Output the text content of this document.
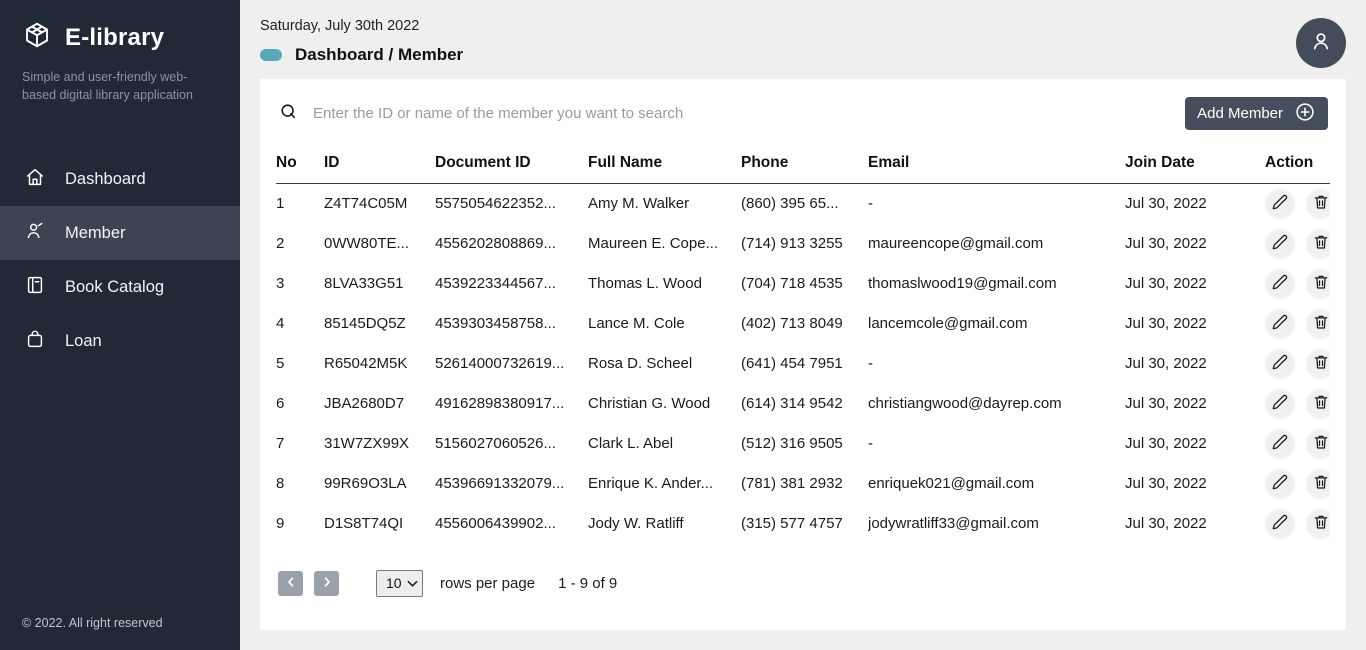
E-library
Simple and user-friendly web-based digital library application
Dashboard
Member
Book Catalog
Loan
© 2022. All right reserved
Saturday, July 30th 2022
Dashboard / Member
Enter the ID or name of the member you want to search
Add Member
No	ID	Document ID	Full Name	Phone	Email	Join Date	Action
1	Z4T74C05M	5575054622352...	Amy M. Walker	(860) 395 65...	-	Jul 30, 2022	

2	0WW80TE...	4556202808869...	Maureen E. Cope...	(714) 913 3255	maureencope@gmail.com	Jul 30, 2022	

3	8LVA33G51	4539223344567...	Thomas L. Wood	(704) 718 4535	thomaslwood19@gmail.com	Jul 30, 2022	

4	85145DQ5Z	4539303458758...	Lance M. Cole	(402) 713 8049	lancemcole@gmail.com	Jul 30, 2022	

5	R65042M5K	52614000732619...	Rosa D. Scheel	(641) 454 7951	-	Jul 30, 2022	

6	JBA2680D7	49162898380917...	Christian G. Wood	(614) 314 9542	christiangwood@dayrep.com	Jul 30, 2022	

7	31W7ZX99X	5156027060526...	Clark L. Abel	(512) 316 9505	-	Jul 30, 2022	

8	99R69O3LA	45396691332079...	Enrique K. Ander...	(781) 381 2932	enriquek021@gmail.com	Jul 30, 2022	

9	D1S8T74QI	4556006439902...	Jody W. Ratliff	(315) 577 4757	jodywratliff33@gmail.com	Jul 30, 2022	

10
rows per page 1 - 9 of 9
